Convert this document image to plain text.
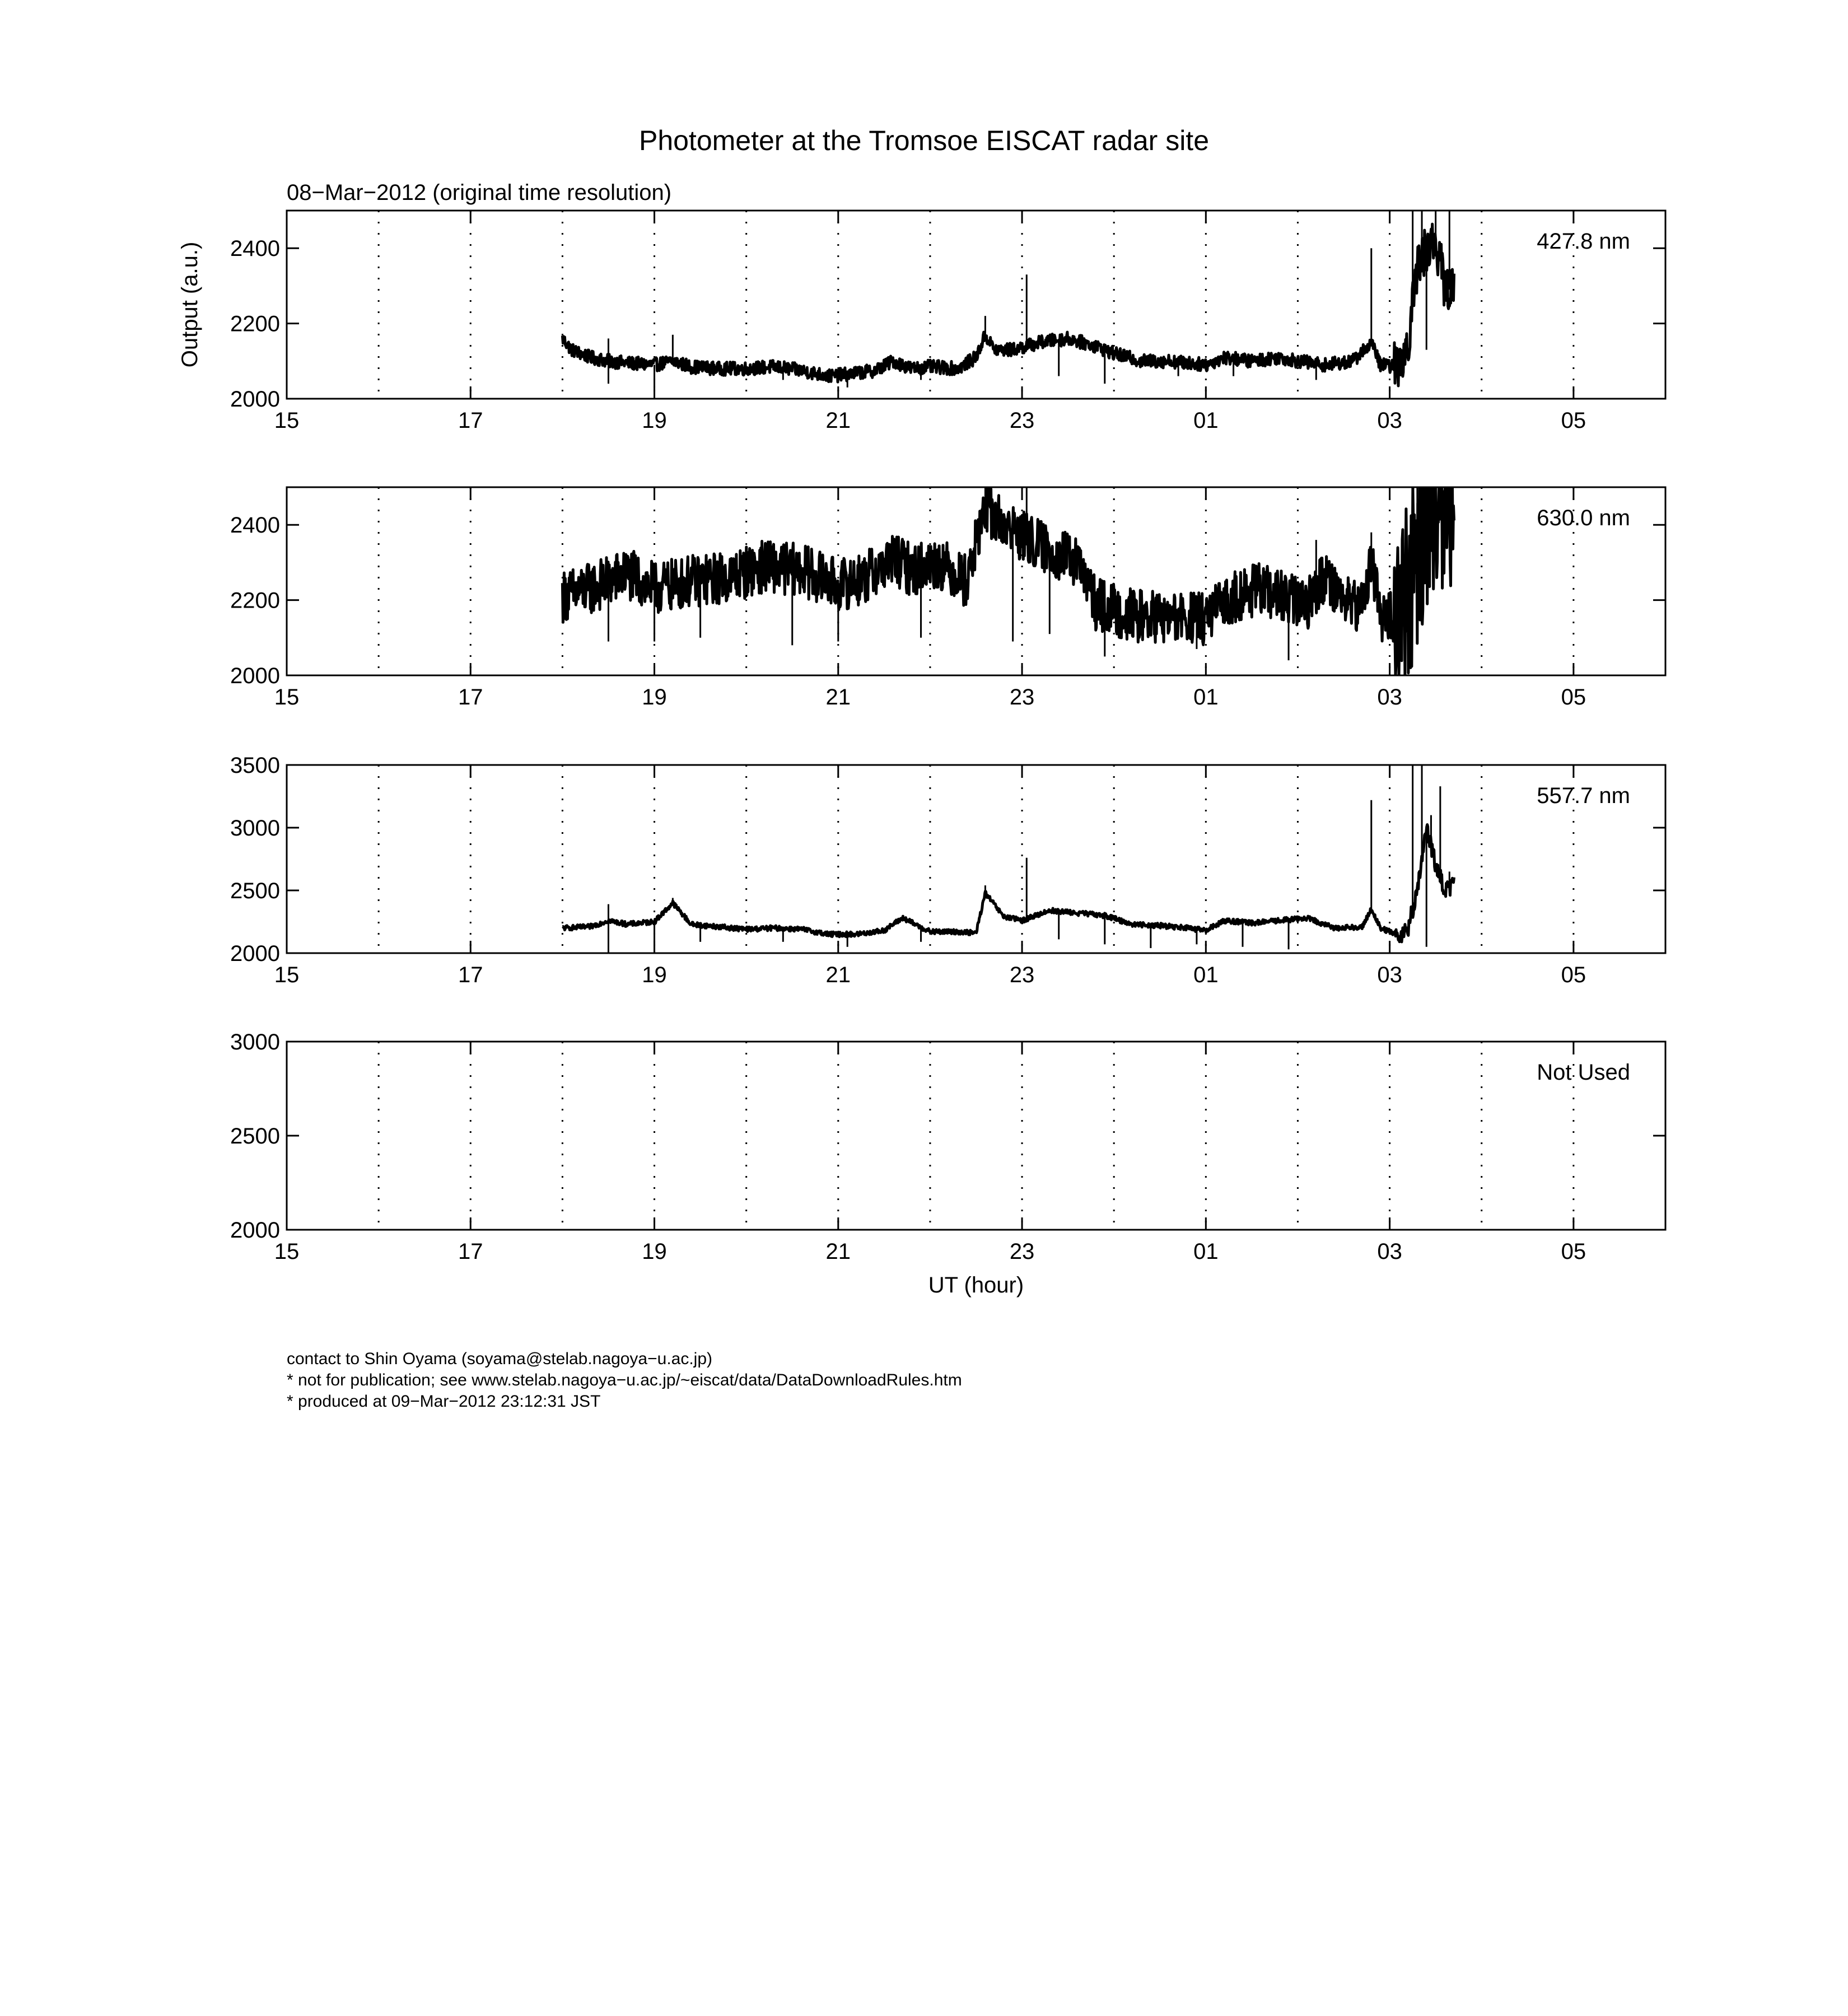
Photometer at the Tromsoe EISCAT radar site
08−Mar−2012 (original time resolution)
2000
2200
2400
15	17	19	21	23	01	03	05
427.8 nm
Output (a.u.)
2000
2200
2400
15	17	19	21	23	01	03	05
630.0 nm
2000
2500
3000
3500
15	17	19	21	23	01	03	05
557.7 nm
2000
2500
3000
15	17	19	21	23	01	03	05
Not Used
UT (hour)
contact to Shin Oyama (soyama@stelab.nagoya−u.ac.jp)
* not for publication; see www.stelab.nagoya−u.ac.jp/~eiscat/data/DataDownloadRules.htm
* produced at 09−Mar−2012 23:12:31 JST
